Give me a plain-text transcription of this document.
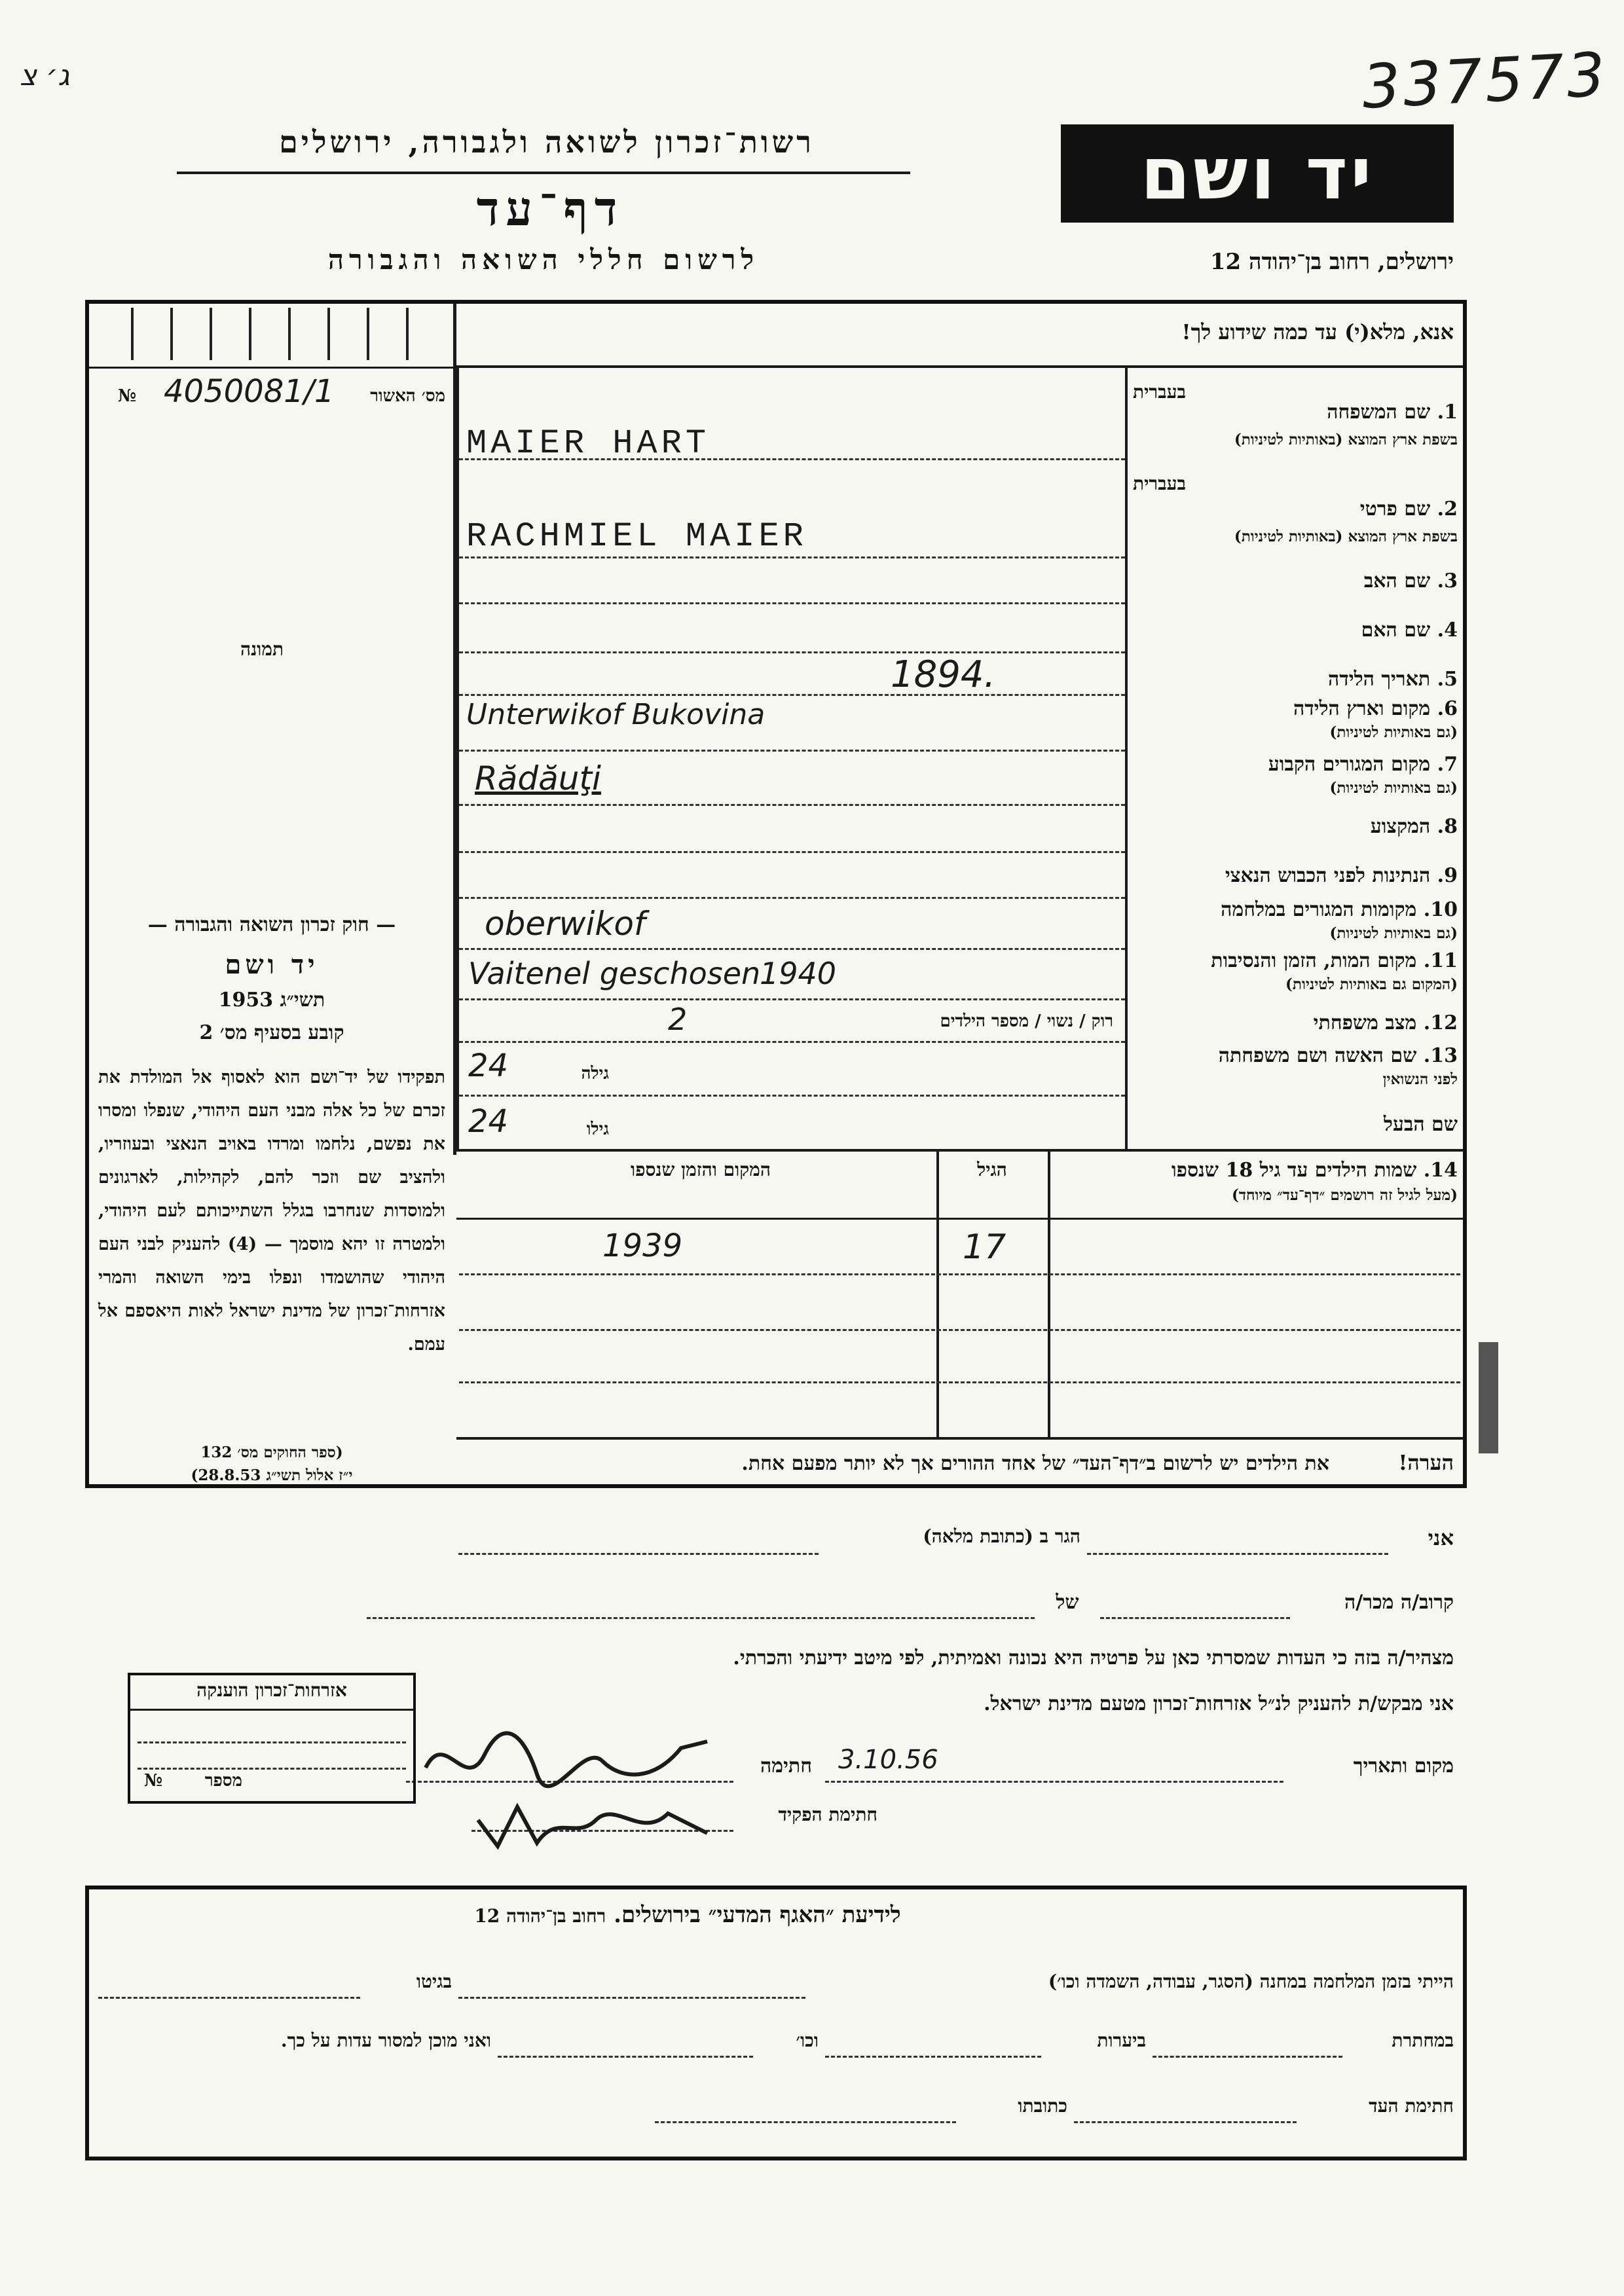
ג׳ צ	337573
רשות־זכרון לשואה ולגבורה, ירושלים
דף־עד
לרשום חללי השואה והגבורה
יד ושם
ירושלים, רחוב בן־יהודה 12
מס׳ האשור
4050081/1
№
תמונה
— חוק זכרון השואה והגבורה —
יד ושם
תשי״ג 1953
קובע בסעיף מס׳ 2
תפקידו של יד־ושם הוא לאסוף אל המולדת את זכרם של כל אלה מבני העם היהודי, שנפלו ומסרו את נפשם, נלחמו ומרדו באויב הנאצי ובעוזריו, ולהציב שם וזכר להם, לקהילות, לארגונים ולמוסדות שנחרבו בגלל השתייכותם לעם היהודי, ולמטרה זו יהא מוסמך — (4) להעניק לבני העם היהודי שהושמדו ונפלו בימי השואה והמרי אזרחות־זכרון של מדינת ישראל לאות היאספם אל עמם.
(ספר החוקים מס׳ 132
י״ז אלול תשי״ג 28.8.53)
אנא, מלא(י) עד כמה שידוע לך!
1. שם המשפחה
בעברית
בשפת ארץ המוצא (באותיות לטיניות)
MAIER HART
2. שם פרטי
בעברית
בשפת ארץ המוצא (באותיות לטיניות)
RACHMIEL MAIER
3. שם האב
4. שם האם
5. תאריך הלידה
1894.
6. מקום וארץ הלידה
(גם באותיות לטיניות)
Unterwikof Bukovina
7. מקום המגורים הקבוע
(גם באותיות לטיניות)
Rădăuţi
8. המקצוע
9. הנתינות לפני הכבוש הנאצי
10. מקומות המגורים במלחמה
(גם באותיות לטיניות)
oberwikof
11. מקום המות, הזמן והנסיבות
(המקום גם באותיות לטיניות)
Vaitenel geschosen
1940
12. מצב משפחתי
רוק / נשוי / מספר הילדים
2
13. שם האשה ושם משפחתה
לפני הנשואין
גילה
24
שם הבעל
גילו
24
14. שמות הילדים עד גיל 18 שנספו
(מעל לגיל זה רושמים ״דף־עד״ מיוחד)
הגיל
המקום והזמן שנספו
17
1939
הערה!
את הילדים יש לרשום ב״דף־העד״ של אחד ההורים אך לא יותר מפעם אחת.
אני
הגר ב (כתובת מלאה)
קרוב/ה מכר/ה
של
מצהיר/ה בזה כי העדות שמסרתי כאן על פרטיה היא נכונה ואמיתית, לפי מיטב ידיעתי והכרתי.
אני מבקש/ת להעניק לנ״ל אזרחות־זכרון מטעם מדינת ישראל.
מקום ותאריך
3.10.56
חתימה
חתימת הפקיד
אזרחות־זכרון הוענקה
מספר
№
לידיעת ״האגף המדעי״ בירושלים. רחוב בן־יהודה 12
הייתי בזמן המלחמה במחנה (הסגר, עבודה, השמדה וכו׳)
בגיטו
במחתרת
ביערות
וכו׳
ואני מוכן למסור עדות על כך.
חתימת העד
כתובתו
